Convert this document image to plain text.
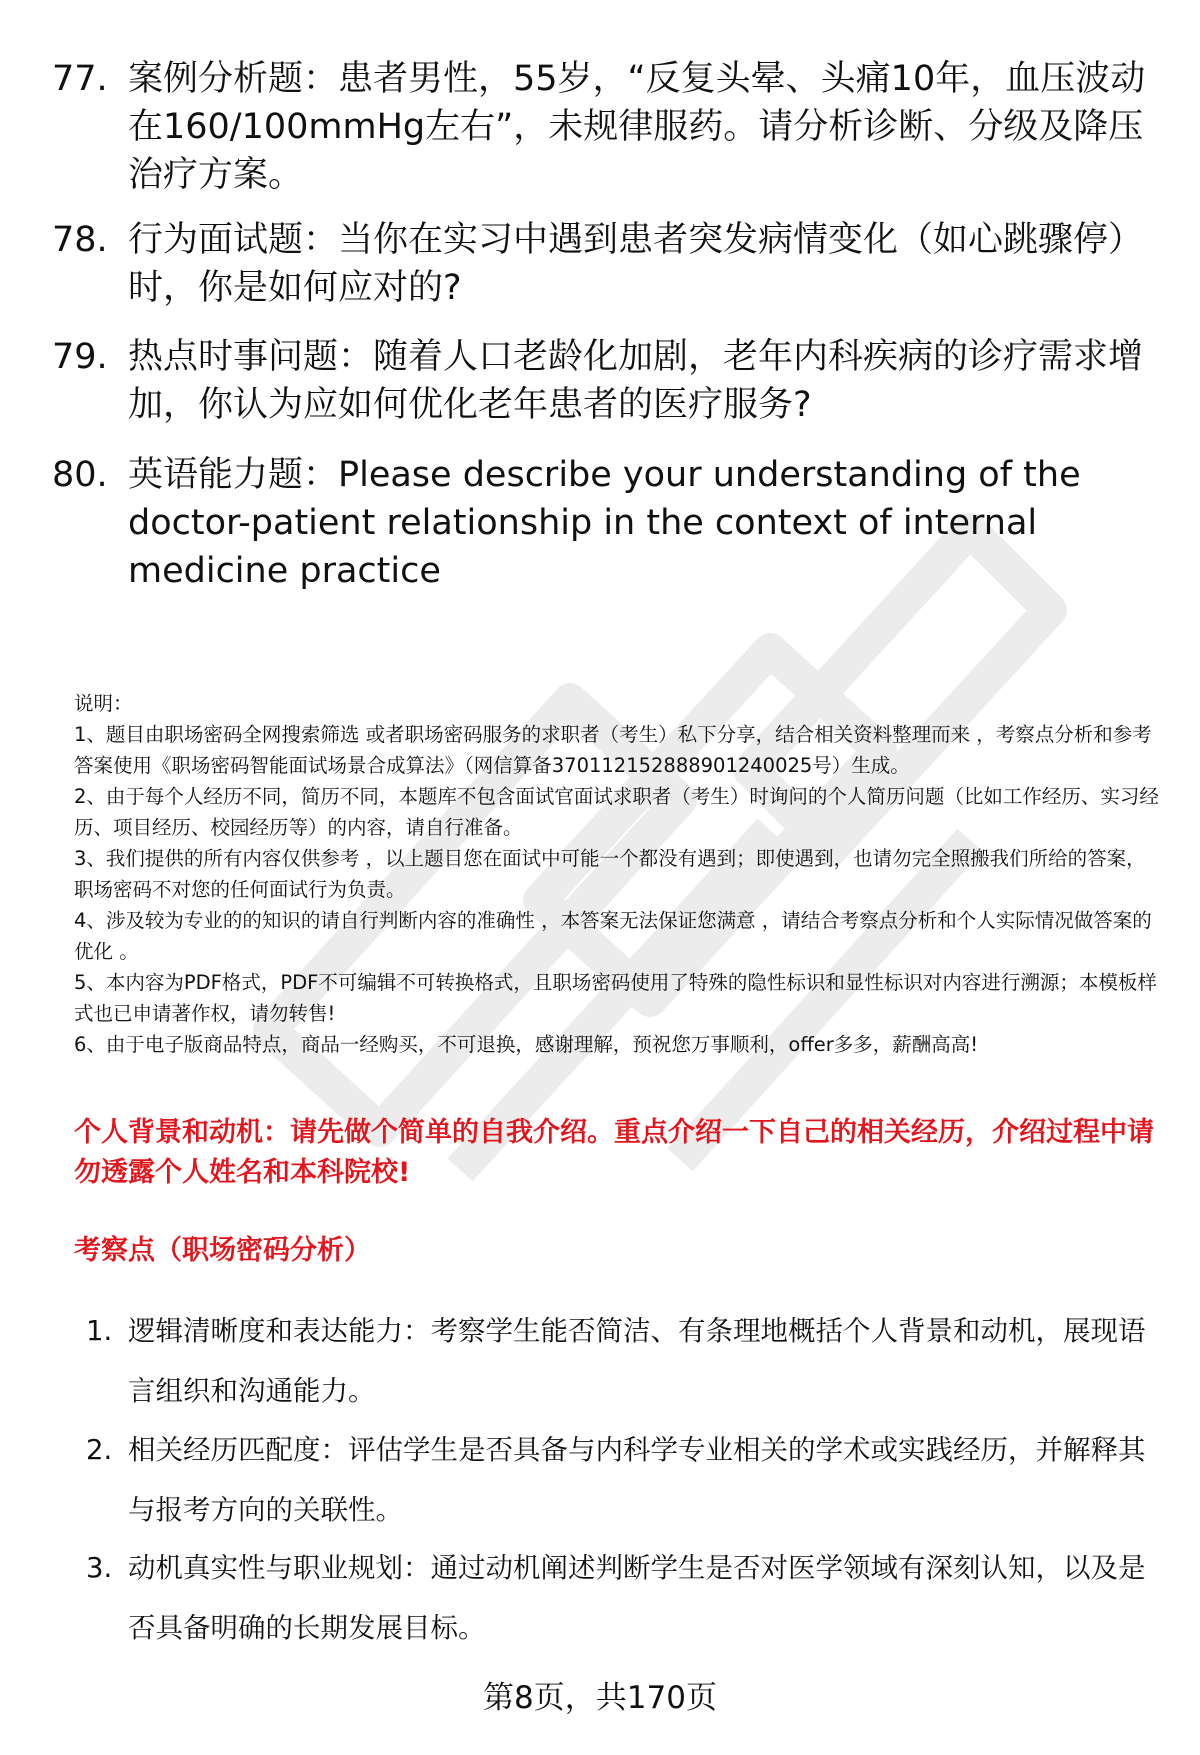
77. 案例分析题：患者男性，55岁，“反复头晕、头痛10年，血压波动在160/100mmHg左右”，未规律服药。请分析诊断、分级及降压治疗方案。
78. 行为面试题：当你在实习中遇到患者突发病情变化（如心跳骤停）时，你是如何应对的?
79. 热点时事问题：随着人口老龄化加剧，老年内科疾病的诊疗需求增加，你认为应如何优化老年患者的医疗服务?
80. 英语能力题：Please describe your understanding of the doctor-patient relationship in the context of internal medicine practice

说明：

1、题目由职场密码全网搜索筛选 或者职场密码服务的求职者（考生）私下分享，结合相关资料整理而来 ，考察点分析和参考答案使用《职场密码智能面试场景合成算法》（网信算备370112152888901240025号）生成。

2、由于每个人经历不同，简历不同，本题库不包含面试官面试求职者（考生）时询问的个人简历问题（比如工作经历、实习经历、项目经历、校园经历等）的内容，请自行准备。

3、我们提供的所有内容仅供参考 ，以上题目您在面试中可能一个都没有遇到；即使遇到，也请勿完全照搬我们所给的答案，职场密码不对您的任何面试行为负责。

4、涉及较为专业的的知识的请自行判断内容的准确性 ，本答案无法保证您满意 ，请结合考察点分析和个人实际情况做答案的优化 。

5、本内容为PDF格式，PDF不可编辑不可转换格式，且职场密码使用了特殊的隐性标识和显性标识对内容进行溯源；本模板样式也已申请著作权，请勿转售!

6、由于电子版商品特点，商品一经购买，不可退换，感谢理解，预祝您万事顺利，offer多多，薪酬高高!

个人背景和动机：请先做个简单的自我介绍。重点介绍一下自己的相关经历，介绍过程中请勿透露个人姓名和本科院校!
考察点（职场密码分析）
1. 逻辑清晰度和表达能力：考察学生能否简洁、有条理地概括个人背景和动机，展现语言组织和沟通能力。
2. 相关经历匹配度：评估学生是否具备与内科学专业相关的学术或实践经历，并解释其与报考方向的关联性。
3. 动机真实性与职业规划：通过动机阐述判断学生是否对医学领域有深刻认知，以及是否具备明确的长期发展目标。
第8页，共170页
